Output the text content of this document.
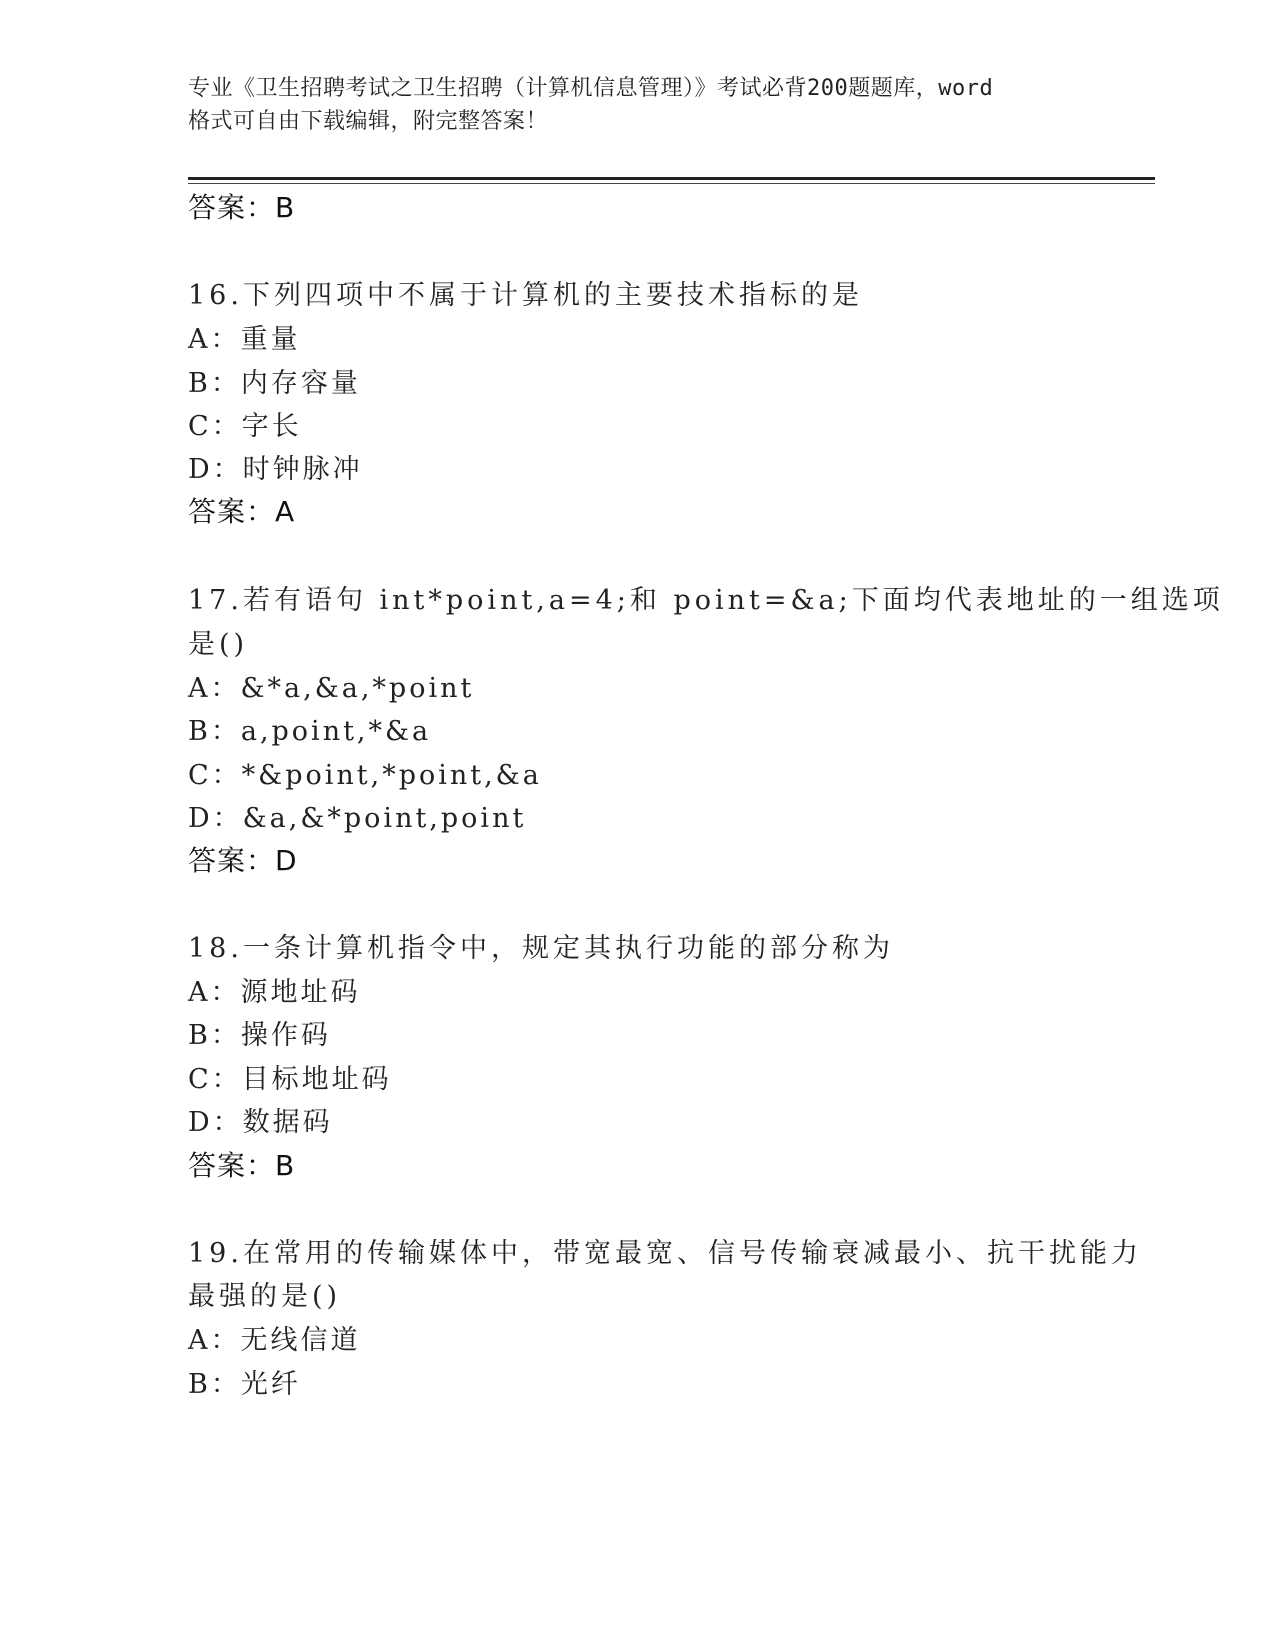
专业《卫生招聘考试之卫生招聘（计算机信息管理）》考试必背200题题库，word
格式可自由下载编辑，附完整答案！
答案：B
16.下列四项中不属于计算机的主要技术指标的是
A：重量
B：内存容量
C：字长
D：时钟脉冲
答案：A
17.若有语句 int*point,a=4;和 point=&a;下面均代表地址的一组选项
是()
A：&*a,&a,*point
B：a,point,*&a
C：*&point,*point,&a
D：&a,&*point,point
答案：D
18.一条计算机指令中，规定其执行功能的部分称为
A：源地址码
B：操作码
C：目标地址码
D：数据码
答案：B
19.在常用的传输媒体中，带宽最宽、信号传输衰减最小、抗干扰能力
最强的是()
A：无线信道
B：光纤
